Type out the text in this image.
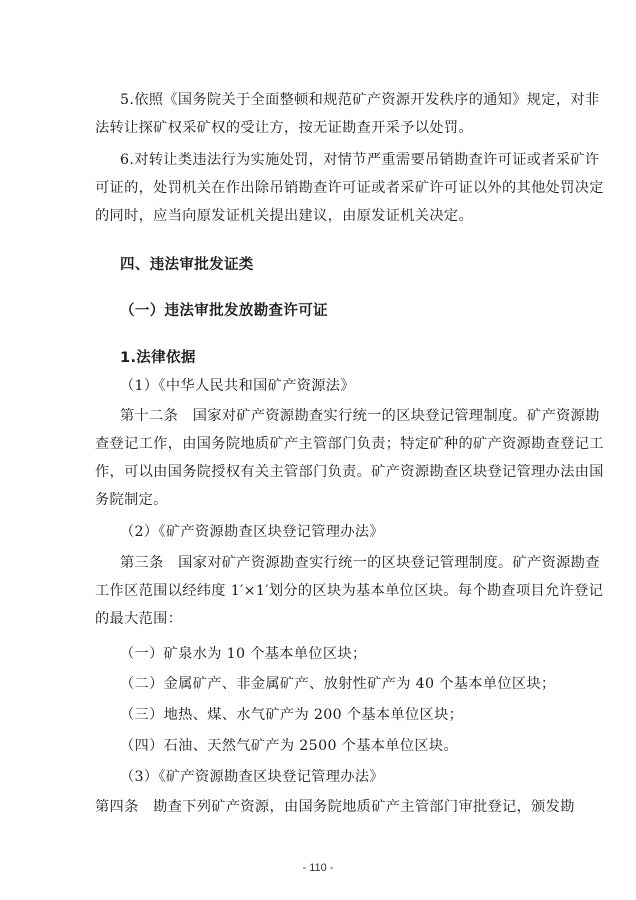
5.依照《国务院关于全面整顿和规范矿产资源开发秩序的通知》规定，对非
法转让探矿权采矿权的受让方，按无证勘查开采予以处罚。
6.对转让类违法行为实施处罚，对情节严重需要吊销勘查许可证或者采矿许
可证的，处罚机关在作出除吊销勘查许可证或者采矿许可证以外的其他处罚决定
的同时，应当向原发证机关提出建议，由原发证机关决定。
四、违法审批发证类
（一）违法审批发放勘查许可证
1.法律依据
（1）《中华人民共和国矿产资源法》
第十二条　国家对矿产资源勘查实行统一的区块登记管理制度。矿产资源勘
查登记工作，由国务院地质矿产主管部门负责；特定矿种的矿产资源勘查登记工
作，可以由国务院授权有关主管部门负责。矿产资源勘查区块登记管理办法由国
务院制定。
（2）《矿产资源勘查区块登记管理办法》
第三条　国家对矿产资源勘查实行统一的区块登记管理制度。矿产资源勘查
工作区范围以经纬度 1′×1′划分的区块为基本单位区块。每个勘查项目允许登记
的最大范围：
（一）矿泉水为 10 个基本单位区块；
（二）金属矿产、非金属矿产、放射性矿产为 40 个基本单位区块；
（三）地热、煤、水气矿产为 200 个基本单位区块；
（四）石油、天然气矿产为 2500 个基本单位区块。
（3）《矿产资源勘查区块登记管理办法》
第四条　勘查下列矿产资源，由国务院地质矿产主管部门审批登记，颁发勘
- 110 -
